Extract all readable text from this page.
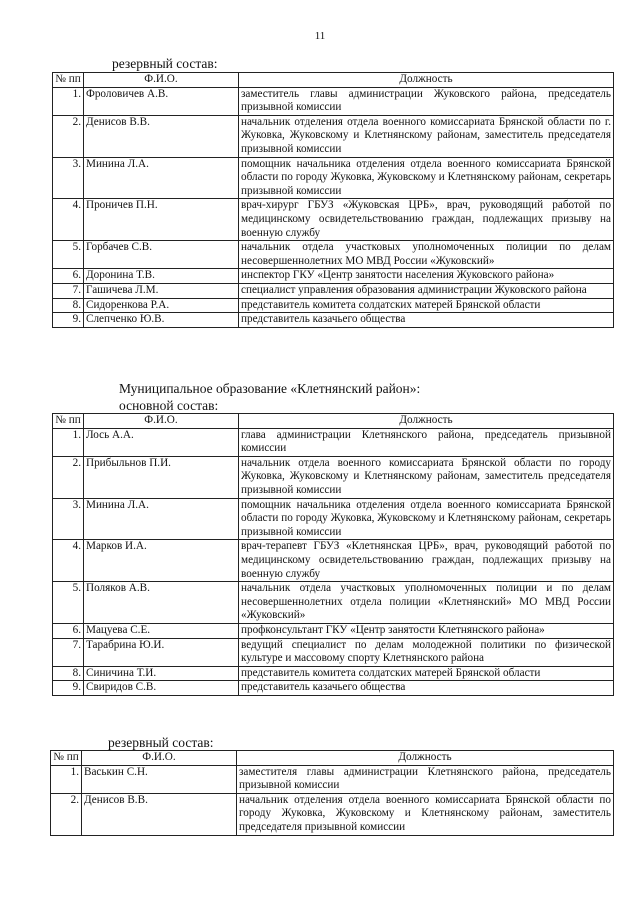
11
резервный состав:
№ пп	Ф.И.О.	Должность
1.	Фроловичев А.В.	заместитель главы администрации Жуковского района, председатель призывной комиссии
2.	Денисов В.В.	начальник отделения отдела военного комиссариата Брянской области по г. Жуковка, Жуковскому и Клетнянскому районам, заместитель председателя призывной комиссии
3.	Минина Л.А.	помощник начальника отделения отдела военного комиссариата Брянской области по городу Жуковка, Жуковскому и Клетнянскому районам, секретарь призывной комиссии
4.	Проничев П.Н.	врач-хирург ГБУЗ «Жуковская ЦРБ», врач, руководящий работой по медицинскому освидетельствованию граждан, подлежащих призыву на военную службу
5.	Горбачев С.В.	начальник отдела участковых уполномоченных полиции по делам несовершеннолетних МО МВД России «Жуковский»
6.	Доронина Т.В.	инспектор ГКУ «Центр занятости населения Жуковского района»
7.	Гашичева Л.М.	специалист управления образования администрации Жуковского района
8.	Сидоренкова Р.А.	представитель комитета солдатских матерей Брянской области
9.	Слепченко Ю.В.	представитель казачьего общества
Муниципальное образование «Клетнянский район»:
основной состав:
№ пп	Ф.И.О.	Должность
1.	Лось А.А.	глава администрации Клетнянского района, председатель призывной комиссии
2.	Прибыльнов П.И.	начальник отдела военного комиссариата Брянской области по городу Жуковка, Жуковскому и Клетнянскому районам, заместитель председателя призывной комиссии
3.	Минина Л.А.	помощник начальника отделения отдела военного комиссариата Брянской области по городу Жуковка, Жуковскому и Клетнянскому районам, секретарь призывной комиссии
4.	Марков И.А.	врач-терапевт ГБУЗ «Клетнянская ЦРБ», врач, руководящий работой по медицинскому освидетельствованию граждан, подлежащих призыву на военную службу
5.	Поляков А.В.	начальник отдела участковых уполномоченных полиции и по делам несовершеннолетних отдела полиции «Клетнянский» МО МВД России «Жуковский»
6.	Мацуева С.Е.	профконсультант ГКУ «Центр занятости Клетнянского района»
7.	Тарабрина Ю.И.	ведущий специалист по делам молодежной политики по физической культуре и массовому спорту Клетнянского района
8.	Синичина Т.И.	представитель комитета солдатских матерей Брянской области
9.	Свиридов С.В.	представитель казачьего общества
резервный состав:
№ пп	Ф.И.О.	Должность
1.	Васькин С.Н.	заместителя главы администрации Клетнянского района, председатель призывной комиссии
2.	Денисов В.В.	начальник отделения отдела военного комиссариата Брянской области по городу Жуковка, Жуковскому и Клетнянскому районам, заместитель председателя призывной комиссии
